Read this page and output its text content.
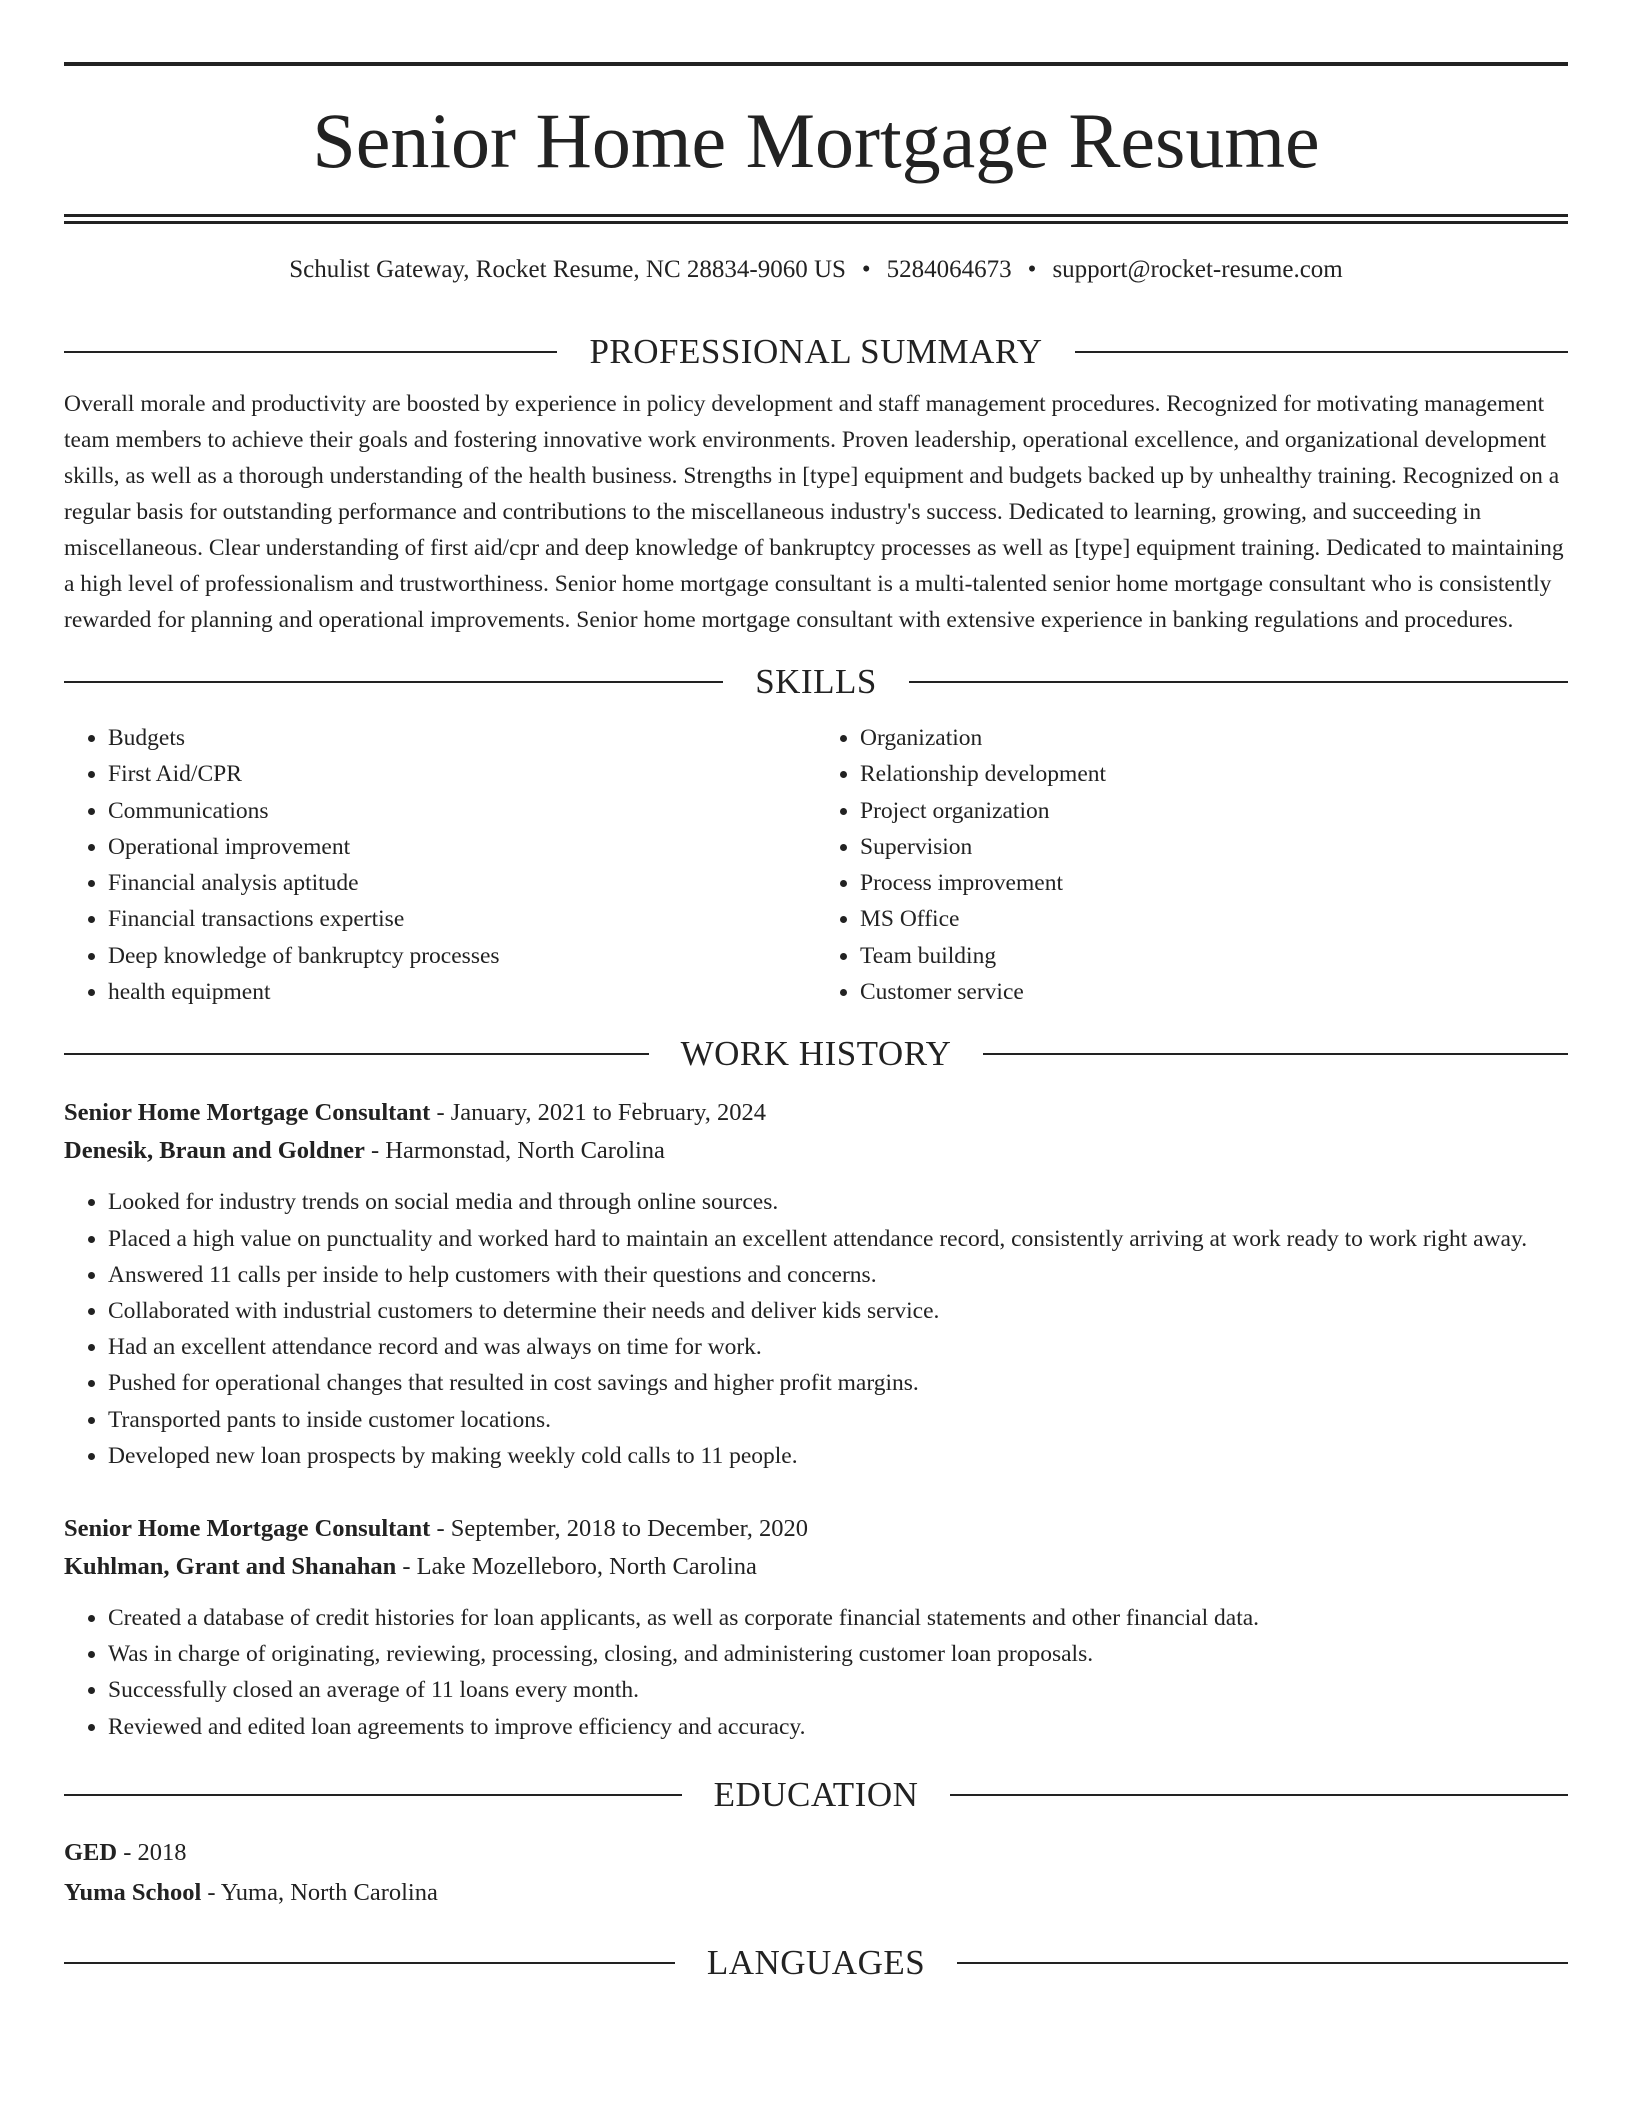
Senior Home Mortgage Resume
Schulist Gateway, Rocket Resume, NC 28834-9060 US • 5284064673 • support@rocket-resume.com
PROFESSIONAL SUMMARY

Overall morale and productivity are boosted by experience in policy development and staff management procedures. Recognized for motivating management team members to achieve their goals and fostering innovative work environments. Proven leadership, operational excellence, and organizational development skills, as well as a thorough understanding of the health business. Strengths in [type] equipment and budgets backed up by unhealthy training. Recognized on a regular basis for outstanding performance and contributions to the miscellaneous industry's success. Dedicated to learning, growing, and succeeding in miscellaneous. Clear understanding of first aid/cpr and deep knowledge of bankruptcy processes as well as [type] equipment training. Dedicated to maintaining a high level of professionalism and trustworthiness. Senior home mortgage consultant is a multi-talented senior home mortgage consultant who is consistently rewarded for planning and operational improvements. Senior home mortgage consultant with extensive experience in banking regulations and procedures.

SKILLS
• Budgets
• First Aid/CPR
• Communications
• Operational improvement
• Financial analysis aptitude
• Financial transactions expertise
• Deep knowledge of bankruptcy processes
• health equipment
• Organization
• Relationship development
• Project organization
• Supervision
• Process improvement
• MS Office
• Team building
• Customer service
WORK HISTORY
Senior Home Mortgage Consultant - January, 2021 to February, 2024
Denesik, Braun and Goldner - Harmonstad, North Carolina
• Looked for industry trends on social media and through online sources.
• Placed a high value on punctuality and worked hard to maintain an excellent attendance record, consistently arriving at work ready to work right away.
• Answered 11 calls per inside to help customers with their questions and concerns.
• Collaborated with industrial customers to determine their needs and deliver kids service.
• Had an excellent attendance record and was always on time for work.
• Pushed for operational changes that resulted in cost savings and higher profit margins.
• Transported pants to inside customer locations.
• Developed new loan prospects by making weekly cold calls to 11 people.
Senior Home Mortgage Consultant - September, 2018 to December, 2020
Kuhlman, Grant and Shanahan - Lake Mozelleboro, North Carolina
• Created a database of credit histories for loan applicants, as well as corporate financial statements and other financial data.
• Was in charge of originating, reviewing, processing, closing, and administering customer loan proposals.
• Successfully closed an average of 11 loans every month.
• Reviewed and edited loan agreements to improve efficiency and accuracy.
EDUCATION
GED - 2018
Yuma School - Yuma, North Carolina
LANGUAGES
